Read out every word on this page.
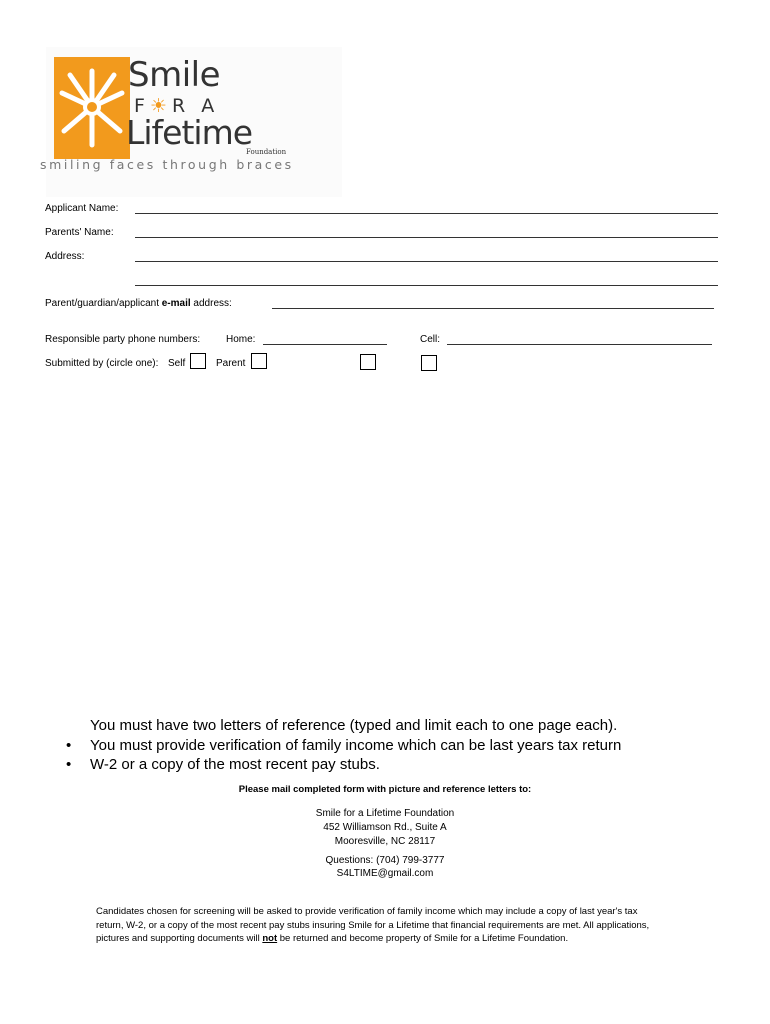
Smile
F☀R A
Lifetime
Foundation
smiling faces through braces
Applicant Name:
Parents' Name:
Address:
Parent/guardian/applicant e-mail address:
Responsible party phone numbers:	Home:	Cell:
Submitted by (circle one): Self	Parent
You must have two letters of reference (typed and limit each to one page each).
• You must provide verification of family income which can be last years tax return
• W-2 or a copy of the most recent pay stubs.
Please mail completed form with picture and reference letters to:
Smile for a Lifetime Foundation
452 Williamson Rd., Suite A
Mooresville, NC 28117
Questions: (704) 799-3777
S4LTIME@gmail.com
Candidates chosen for screening will be asked to provide verification of family income which may include a copy of last year's tax
return, W-2, or a copy of the most recent pay stubs insuring Smile for a Lifetime that financial requirements are met. All applications,
pictures and supporting documents will not be returned and become property of Smile for a Lifetime Foundation.
